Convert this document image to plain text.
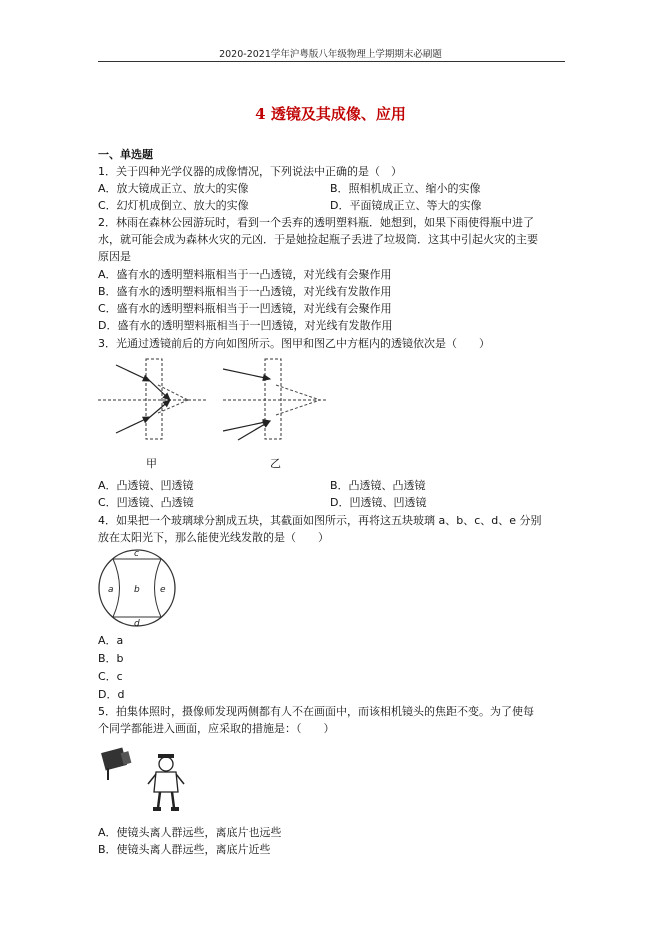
2020-2021学年沪粤版八年级物理上学期期末必刷题
4 透镜及其成像、应用
一、单选题
1．关于四种光学仪器的成像情况，下列说法中正确的是（　）
A．放大镜成正立、放大的实像	B．照相机成正立、缩小的实像
C．幻灯机成倒立、放大的实像	D．平面镜成正立、等大的实像
2．林雨在森林公园游玩时，看到一个丢弃的透明塑料瓶．她想到，如果下雨使得瓶中进了
水，就可能会成为森林火灾的元凶．于是她捡起瓶子丢进了垃圾筒．这其中引起火灾的主要
原因是
A．盛有水的透明塑料瓶相当于一凸透镜，对光线有会聚作用
B．盛有水的透明塑料瓶相当于一凸透镜，对光线有发散作用
C．盛有水的透明塑料瓶相当于一凹透镜，对光线有会聚作用
D．盛有水的透明塑料瓶相当于一凹透镜，对光线有发散作用
3．光通过透镜前后的方向如图所示。图甲和图乙中方框内的透镜依次是（　　）
甲	乙
A．凸透镜、凹透镜	B．凸透镜、凸透镜
C．凹透镜、凸透镜	D．凹透镜、凹透镜
4．如果把一个玻璃球分割成五块，其截面如图所示，再将这五块玻璃 a、b、c、d、e 分别
放在太阳光下，那么能使光线发散的是（　　）
a b
c
d
e
A．a
B．b
C．c
D．d
5．拍集体照时，摄像师发现两侧都有人不在画面中，而该相机镜头的焦距不变。为了使每
个同学都能进入画面，应采取的措施是：（　　）
A．使镜头离人群远些，离底片也远些
B．使镜头离人群远些，离底片近些
